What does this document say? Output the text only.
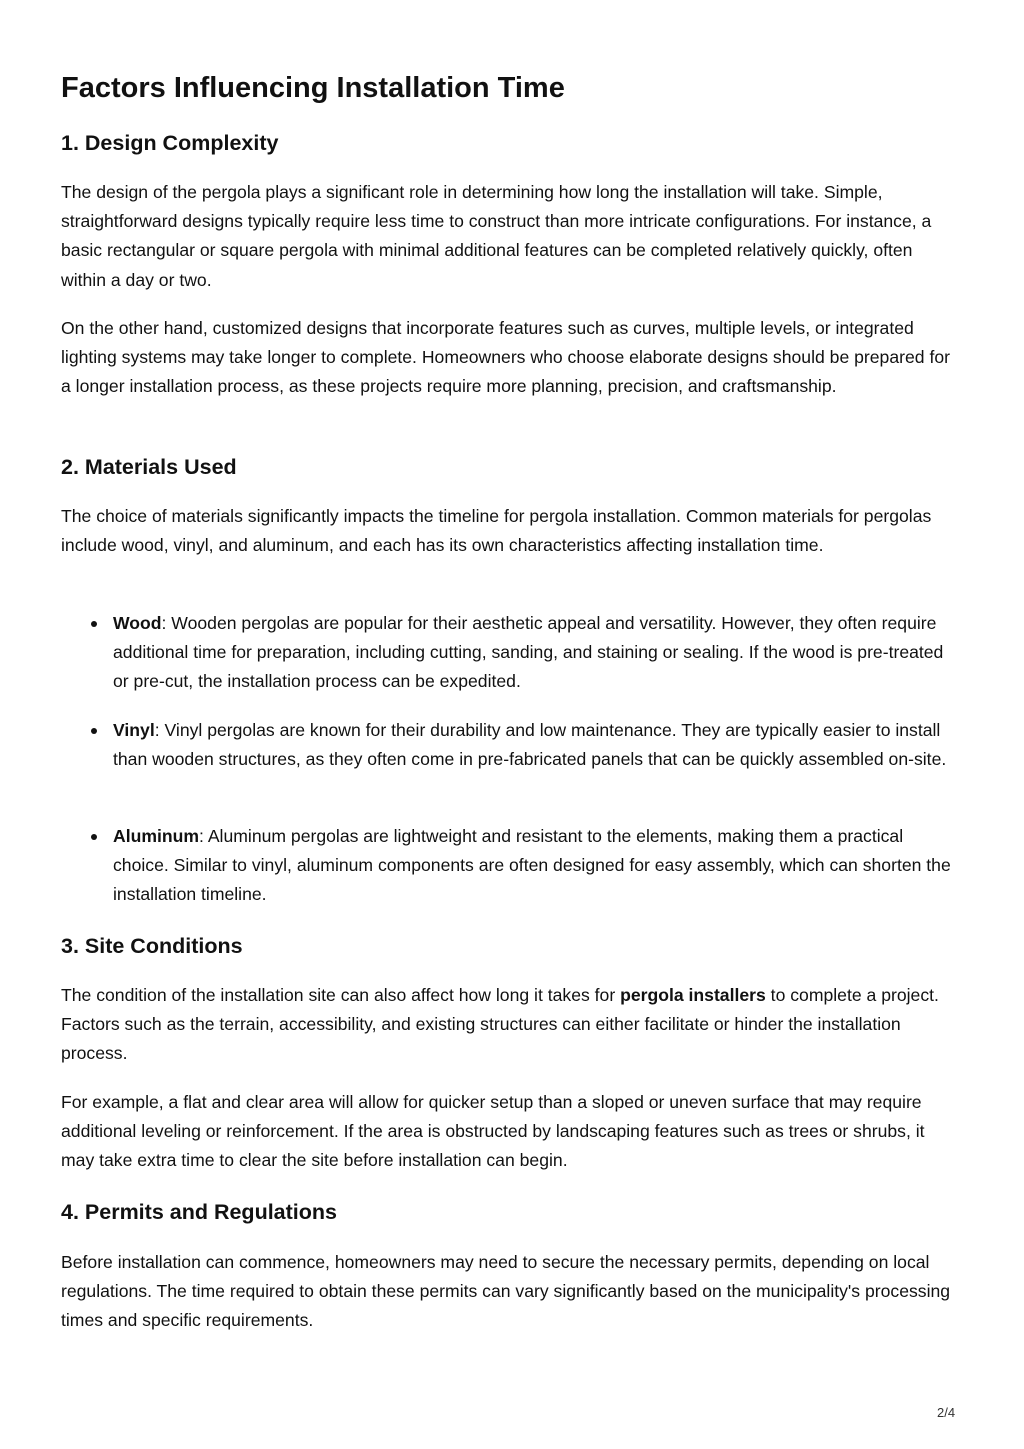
Factors Influencing Installation Time
1. Design Complexity

The design of the pergola plays a significant role in determining how long the installation will take. Simple, straightforward designs typically require less time to construct than more intricate configurations. For instance, a basic rectangular or square pergola with minimal additional features can be completed relatively quickly, often within a day or two.

On the other hand, customized designs that incorporate features such as curves, multiple levels, or integrated lighting systems may take longer to complete. Homeowners who choose elaborate designs should be prepared for a longer installation process, as these projects require more planning, precision, and craftsmanship.

2. Materials Used

The choice of materials significantly impacts the timeline for pergola installation. Common materials for pergolas include wood, vinyl, and aluminum, and each has its own characteristics affecting installation time.

Wood: Wooden pergolas are popular for their aesthetic appeal and versatility. However, they often require additional time for preparation, including cutting, sanding, and staining or sealing. If the wood is pre-treated or pre-cut, the installation process can be expedited.
Vinyl: Vinyl pergolas are known for their durability and low maintenance. They are typically easier to install than wooden structures, as they often come in pre-fabricated panels that can be quickly assembled on-site.
Aluminum: Aluminum pergolas are lightweight and resistant to the elements, making them a practical choice. Similar to vinyl, aluminum components are often designed for easy assembly, which can shorten the installation timeline.
3. Site Conditions

The condition of the installation site can also affect how long it takes for pergola installers to complete a project. Factors such as the terrain, accessibility, and existing structures can either facilitate or hinder the installation process.

For example, a flat and clear area will allow for quicker setup than a sloped or uneven surface that may require additional leveling or reinforcement. If the area is obstructed by landscaping features such as trees or shrubs, it may take extra time to clear the site before installation can begin.

4. Permits and Regulations

Before installation can commence, homeowners may need to secure the necessary permits, depending on local regulations. The time required to obtain these permits can vary significantly based on the municipality's processing times and specific requirements.

2/4
